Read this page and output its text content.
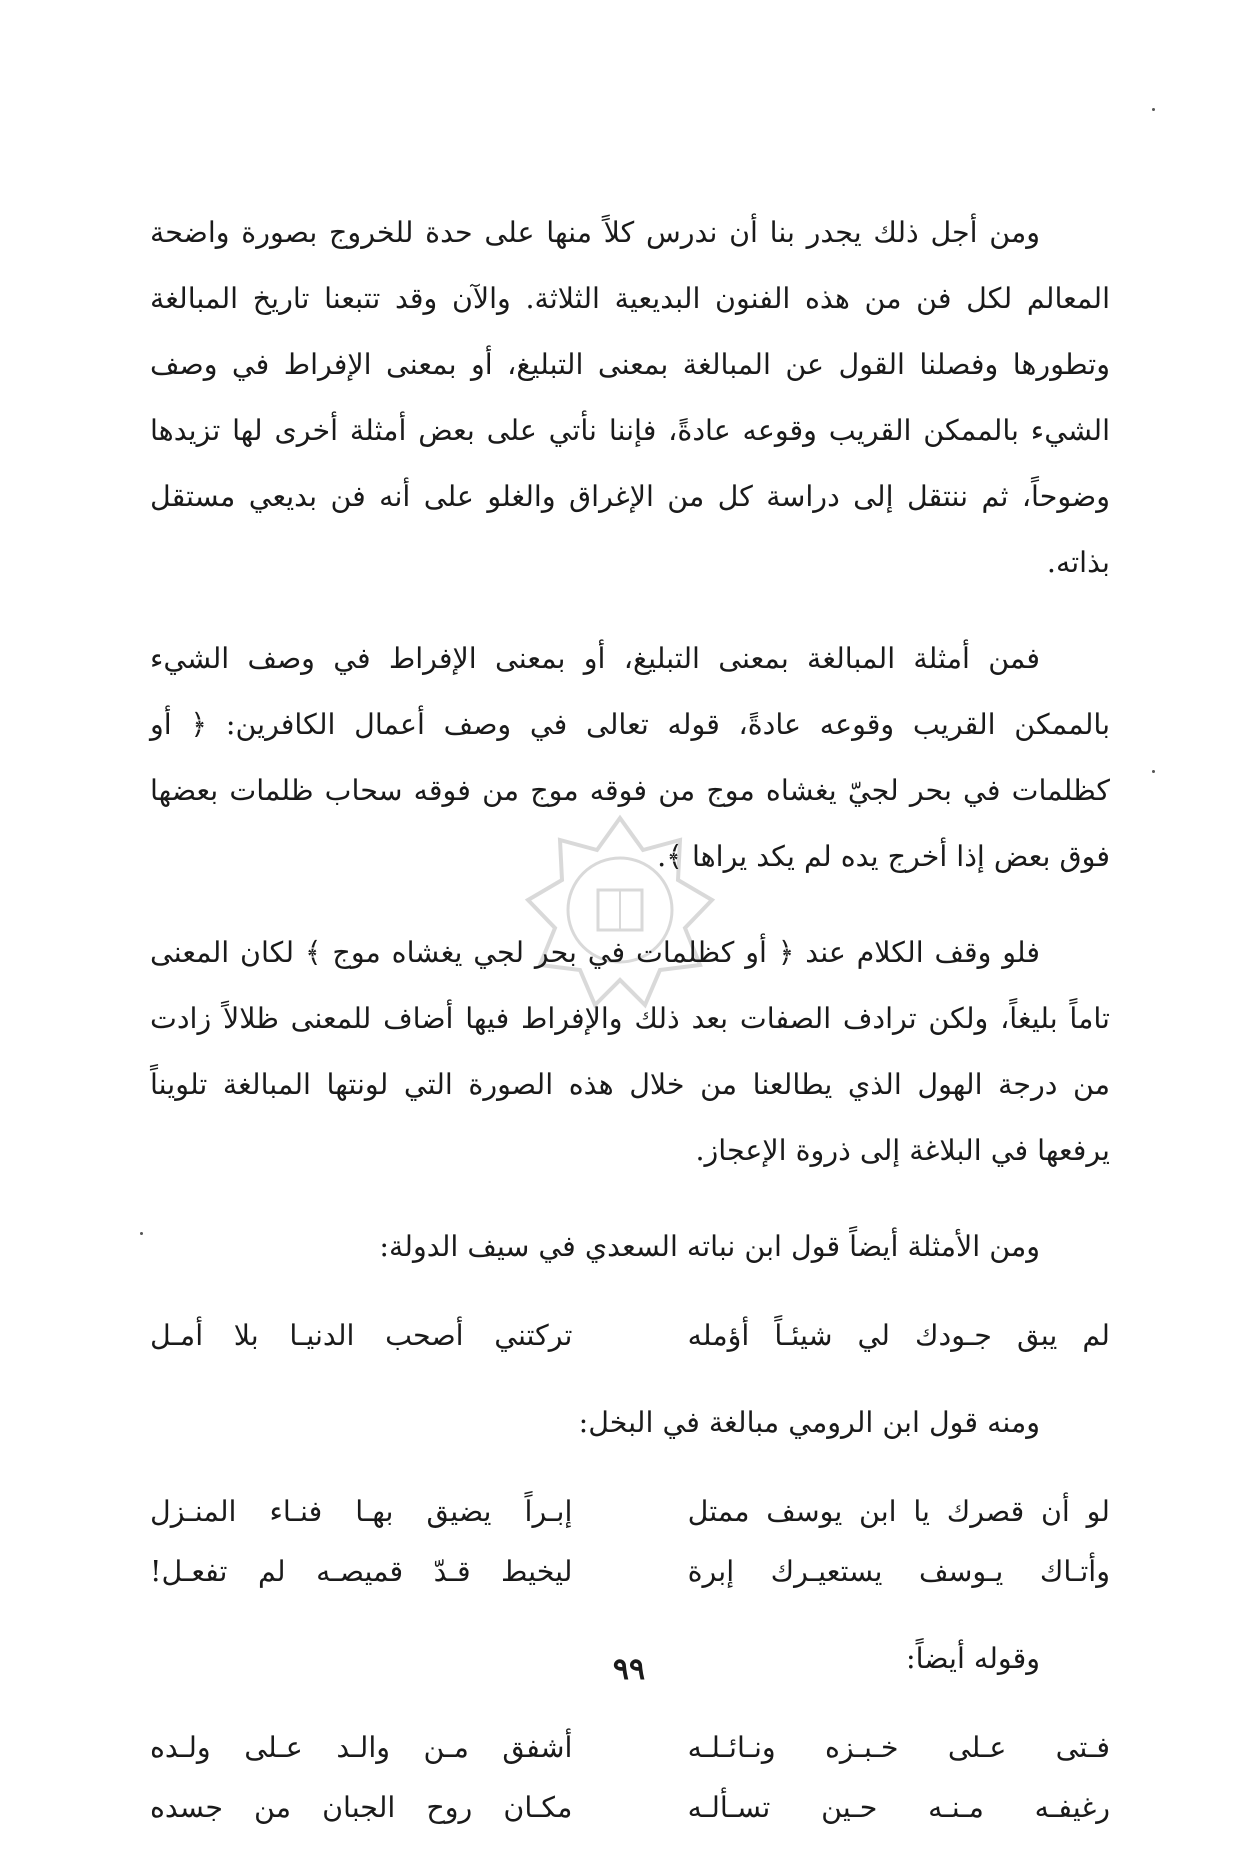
ومن أجل ذلك يجدر بنا أن ندرس كلاً منها على حدة للخروج بصورة واضحة المعالم لكل فن من هذه الفنون البديعية الثلاثة. والآن وقد تتبعنا تاريخ المبالغة وتطورها وفصلنا القول عن المبالغة بمعنى التبليغ، أو بمعنى الإفراط في وصف الشيء بالممكن القريب وقوعه عادةً، فإننا نأتي على بعض أمثلة أخرى لها تزيدها وضوحاً، ثم ننتقل إلى دراسة كل من الإغراق والغلو على أنه فن بديعي مستقل بذاته.

فمن أمثلة المبالغة بمعنى التبليغ، أو بمعنى الإفراط في وصف الشيء بالممكن القريب وقوعه عادةً، قوله تعالى في وصف أعمال الكافرين: ﴿ أو كظلمات في بحر لجيّ يغشاه موج من فوقه موج من فوقه سحاب ظلمات بعضها فوق بعض إذا أخرج يده لم يكد يراها ﴾.

فلو وقف الكلام عند ﴿ أو كظلمات في بحر لجي يغشاه موج ﴾ لكان المعنى تاماً بليغاً، ولكن ترادف الصفات بعد ذلك والإفراط فيها أضاف للمعنى ظلالاً زادت من درجة الهول الذي يطالعنا من خلال هذه الصورة التي لونتها المبالغة تلويناً يرفعها في البلاغة إلى ذروة الإعجاز.

ومن الأمثلة أيضاً قول ابن نباته السعدي في سيف الدولة:

لم يبق جـودك لي شيئـاً أؤمله
تركتني أصحب الدنيـا بلا أمـل

ومنه قول ابن الرومي مبالغة في البخل:

لو أن قصرك يا ابن يوسف ممتل
إبـراً يضيق بهـا فنـاء المنـزل
وأتـاك يـوسف يستعيـرك إبرة
ليخيط قـدّ قميصـه لم تفعـل!

وقوله أيضاً:

فـتى عـلى خـبـزه ونـائـلـه
أشفق مـن والـد عـلى ولـده
رغيفـه مـنـه حـين تسـألـه
مكـان روح الجبان من جسده
٩٩
